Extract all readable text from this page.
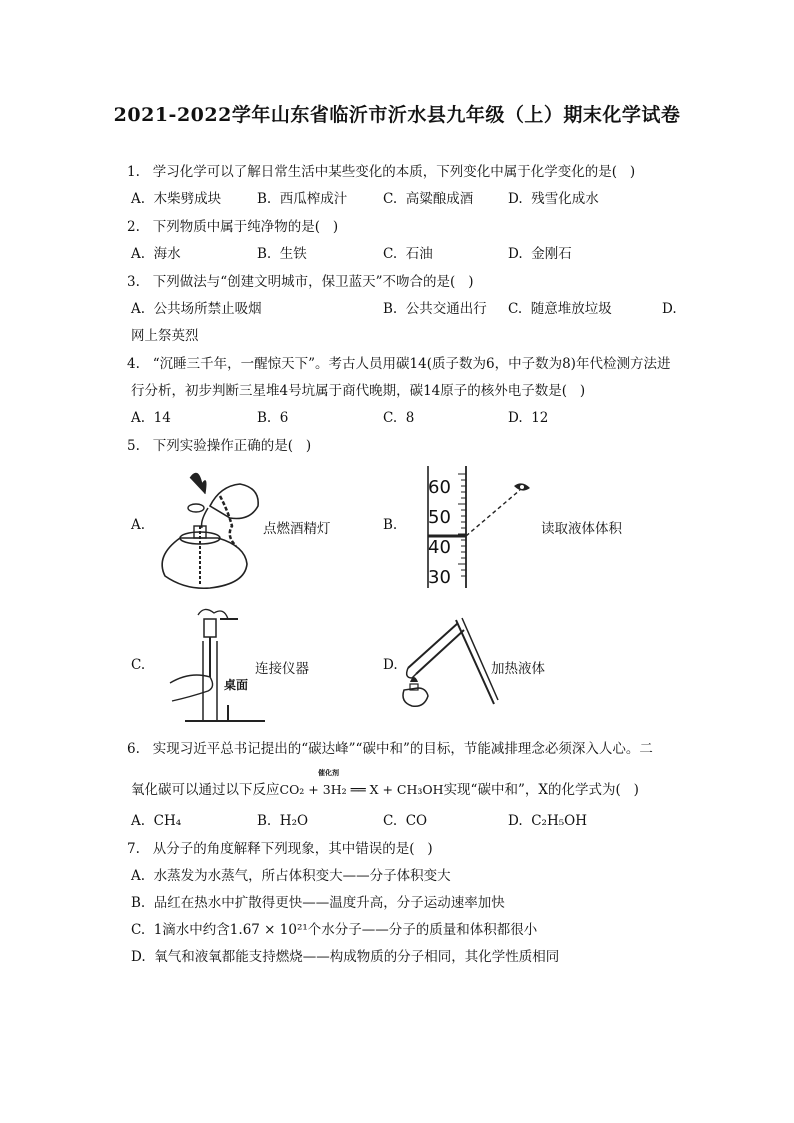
2021-2022学年山东省临沂市沂水县九年级（上）期末化学试卷
1.   学习化学可以了解日常生活中某些变化的本质，下列变化中属于化学变化的是(   )
A.  木柴劈成块	B.  西瓜榨成汁	C.  高粱酿成酒	D.  残雪化成水
2.   下列物质中属于纯净物的是(   )
A.  海水	B.  生铁	C.  石油	D.  金刚石
3.   下列做法与“创建文明城市，保卫蓝天”不吻合的是(   )
A.  公共场所禁止吸烟	B.  公共交通出行 C.  随意堆放垃圾	D.
网上祭英烈
4.   “沉睡三千年，一醒惊天下”。考古人员用碳14(质子数为6，中子数为8)年代检测方法进
行分析，初步判断三星堆4号坑属于商代晚期，碳14原子的核外电子数是(   )
A.  14	B.  6	C.  8	D.  12
5.   下列实验操作正确的是(   )
A.	点燃酒精灯	B.
60
50
40
30
读取液体体积
C.
桌面
连接仪器	D.	加热液体
6.   实现习近平总书记提出的“碳达峰”“碳中和”的目标，节能减排理念必须深入人心。二
催化剂
氧化碳可以通过以下反应CO₂ + 3H₂ ══ X + CH₃OH实现“碳中和”，X的化学式为(   )
A.  CH₄	B.  H₂O	C.  CO	D.  C₂H₅OH
7.   从分子的角度解释下列现象，其中错误的是(   )
A.  水蒸发为水蒸气，所占体积变大——分子体积变大
B.  品红在热水中扩散得更快——温度升高，分子运动速率加快
C.  1滴水中约含1.67 × 10²¹个水分子——分子的质量和体积都很小
D.  氧气和液氧都能支持燃烧——构成物质的分子相同，其化学性质相同
